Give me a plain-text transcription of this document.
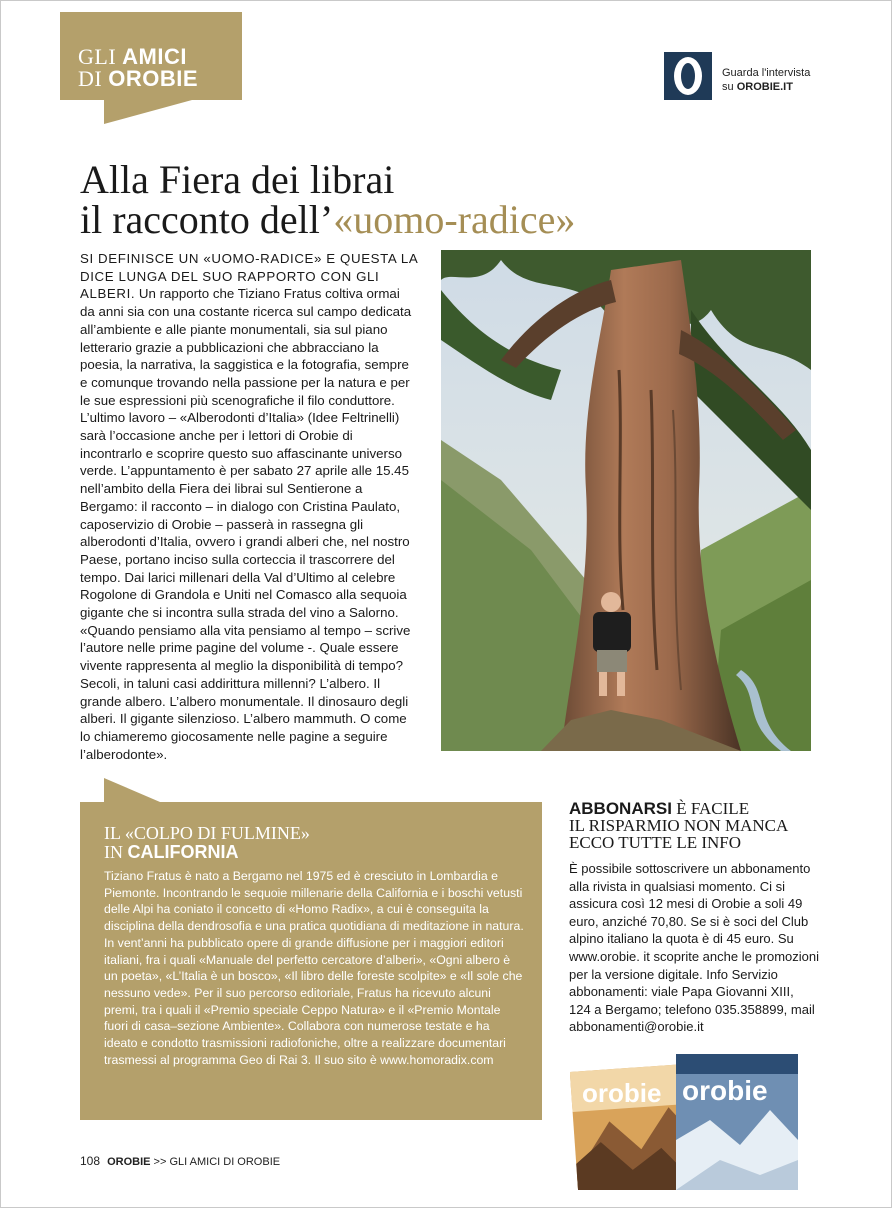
GLI AMICI
DI OROBIE	Guarda l'intervista
su OROBIE.IT
Alla Fiera dei librai
il racconto dell’«uomo-radice»
SI DEFINISCE UN «UOMO-RADICE» E QUESTA LA DICE LUNGA DEL SUO RAPPORTO CON GLI ALBERI. Un rapporto che Tiziano Fratus coltiva ormai da anni sia con una costante ricerca sul campo dedicata all’ambiente e alle piante monumentali, sia sul piano letterario grazie a pubblicazioni che abbracciano la poesia, la narrativa, la saggistica e la fotografia, sempre e comunque trovando nella passione per la natura e per le sue espressioni più scenografiche il filo conduttore. L’ultimo lavoro – «Alberodonti d’Italia» (Idee Feltrinelli) sarà l’occasione anche per i lettori di Orobie di incontrarlo e scoprire questo suo affascinante universo verde. L’appuntamento è per sabato 27 aprile alle 15.45 nell’ambito della Fiera dei librai sul Sentierone a Bergamo: il racconto – in dialogo con Cristina Paulato, caposervizio di Orobie – passerà in rassegna gli alberodonti d’Italia, ovvero i grandi alberi che, nel nostro Paese, portano inciso sulla corteccia il trascorrere del tempo. Dai larici millenari della Val d’Ultimo al celebre Rogolone di Grandola e Uniti nel Comasco alla sequoia gigante che si incontra sulla strada del vino a Salorno. «Quando pensiamo alla vita pensiamo al tempo – scrive l’autore nelle prime pagine del volume -. Quale essere vivente rappresenta al meglio la disponibilità di tempo? Secoli, in taluni casi addirittura millenni? L’albero. Il grande albero. L’albero monumentale. Il dinosauro degli alberi. Il gigante silenzioso. L’albero mammuth. O come lo chiameremo giocosamente nelle pagine a seguire l’alberodonte».
IL «COLPO DI FULMINE»
IN CALIFORNIA
Tiziano Fratus è nato a Bergamo nel 1975 ed è cresciuto in Lombardia e Piemonte. Incontrando le sequoie millenarie della California e i boschi vetusti delle Alpi ha coniato il concetto di «Homo Radix», a cui è conseguita la disciplina della dendrosofia e una pratica quotidiana di meditazione in natura. In vent’anni ha pubblicato opere di grande diffusione per i maggiori editori italiani, fra i quali «Manuale del perfetto cercatore d’alberi», «Ogni albero è un poeta», «L’Italia è un bosco», «Il libro delle foreste scolpite» e «Il sole che nessuno vede». Per il suo percorso editoriale, Fratus ha ricevuto alcuni premi, tra i quali il «Premio speciale Ceppo Natura» e il «Premio Montale fuori di casa–sezione Ambiente». Collabora con numerose testate e ha ideato e condotto trasmissioni radiofoniche, oltre a realizzare documentari trasmessi al programma Geo di Rai 3. Il suo sito è www.homoradix.com
ABBONARSI È FACILE
IL RISPARMIO NON MANCA
ECCO TUTTE LE INFO
È possibile sottoscrivere un abbonamento alla rivista in qualsiasi momento. Ci si assicura così 12 mesi di Orobie a soli 49 euro, anziché 70,80. Se si è soci del Club alpino italiano la quota è di 45 euro. Su www.orobie. it scoprite anche le promozioni per la versione digitale. Info Servizio abbonamenti: viale Papa Giovanni XIII, 124 a Bergamo; telefono 035.358899, mail abbonamenti@orobie.it
orobie orobie
108 OROBIE >> GLI AMICI DI OROBIE
